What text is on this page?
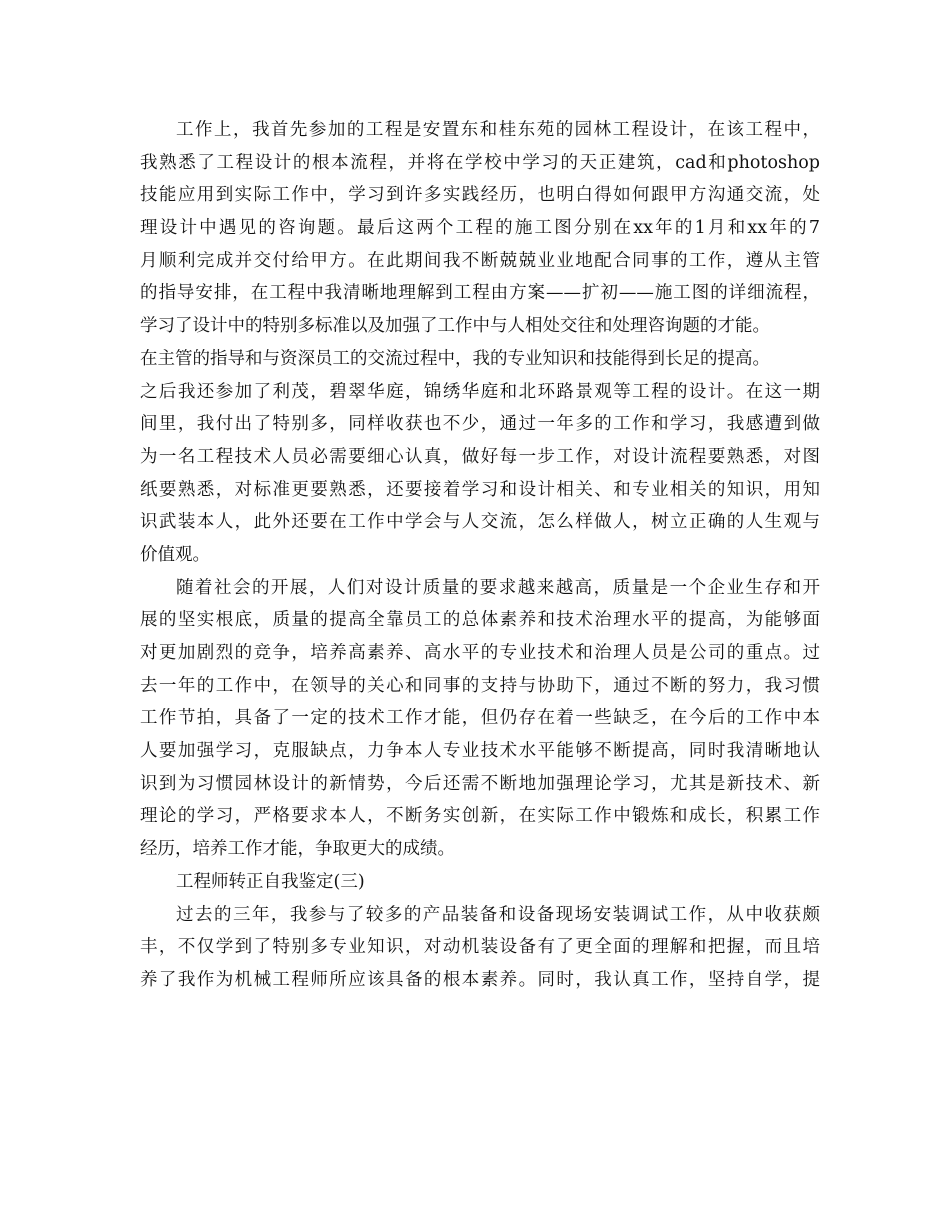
工作上，我首先参加的工程是安置东和桂东苑的园林工程设计，在该工程中，
我熟悉了工程设计的根本流程，并将在学校中学习的天正建筑，cad和photoshop
技能应用到实际工作中，学习到许多实践经历，也明白得如何跟甲方沟通交流，处
理设计中遇见的咨询题。最后这两个工程的施工图分别在xx年的1月和xx年的7
月顺利完成并交付给甲方。在此期间我不断兢兢业业地配合同事的工作，遵从主管
的指导安排，在工程中我清晰地理解到工程由方案——扩初——施工图的详细流程，
学习了设计中的特别多标准以及加强了工作中与人相处交往和处理咨询题的才能。
在主管的指导和与资深员工的交流过程中，我的专业知识和技能得到长足的提高。
之后我还参加了利茂，碧翠华庭，锦绣华庭和北环路景观等工程的设计。在这一期
间里，我付出了特别多，同样收获也不少，通过一年多的工作和学习，我感遭到做
为一名工程技术人员必需要细心认真，做好每一步工作，对设计流程要熟悉，对图
纸要熟悉，对标准更要熟悉，还要接着学习和设计相关、和专业相关的知识，用知
识武装本人，此外还要在工作中学会与人交流，怎么样做人，树立正确的人生观与
价值观。
随着社会的开展，人们对设计质量的要求越来越高，质量是一个企业生存和开
展的坚实根底，质量的提高全靠员工的总体素养和技术治理水平的提高，为能够面
对更加剧烈的竞争，培养高素养、高水平的专业技术和治理人员是公司的重点。过
去一年的工作中，在领导的关心和同事的支持与协助下，通过不断的努力，我习惯
工作节拍，具备了一定的技术工作才能，但仍存在着一些缺乏，在今后的工作中本
人要加强学习，克服缺点，力争本人专业技术水平能够不断提高，同时我清晰地认
识到为习惯园林设计的新情势，今后还需不断地加强理论学习，尤其是新技术、新
理论的学习，严格要求本人，不断务实创新，在实际工作中锻炼和成长，积累工作
经历，培养工作才能，争取更大的成绩。
工程师转正自我鉴定(三)
过去的三年，我参与了较多的产品装备和设备现场安装调试工作，从中收获颇
丰，不仅学到了特别多专业知识，对动机装设备有了更全面的理解和把握，而且培
养了我作为机械工程师所应该具备的根本素养。同时，我认真工作，坚持自学，提
